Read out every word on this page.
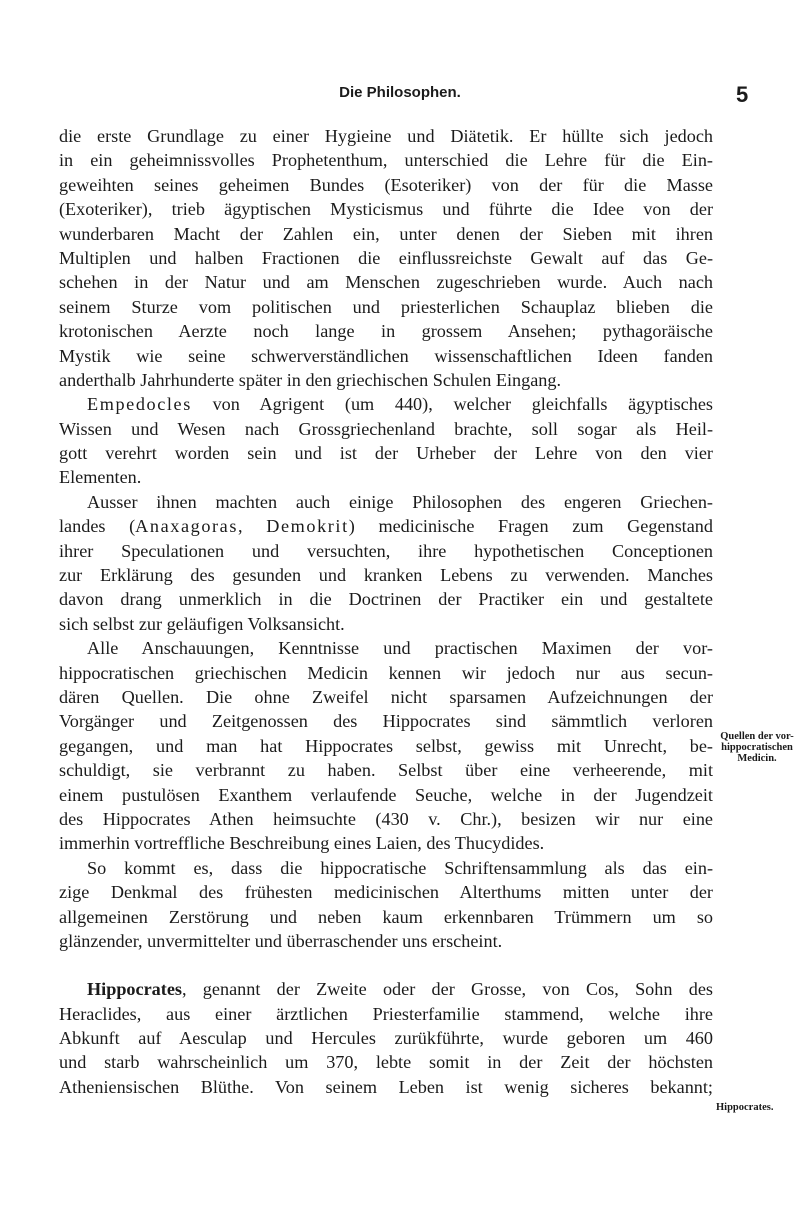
Die Philosophen.	5
die erste Grundlage zu einer Hygieine und Diätetik. Er hüllte sich jedoch
in ein geheimnissvolles Prophetenthum, unterschied die Lehre für die Ein-
geweihten seines geheimen Bundes (Esoteriker) von der für die Masse
(Exoteriker), trieb ägyptischen Mysticismus und führte die Idee von der
wunderbaren Macht der Zahlen ein, unter denen der Sieben mit ihren
Multiplen und halben Fractionen die einflussreichste Gewalt auf das Ge-
schehen in der Natur und am Menschen zugeschrieben wurde. Auch nach
seinem Sturze vom politischen und priesterlichen Schauplaz blieben die
krotonischen Aerzte noch lange in grossem Ansehen; pythagoräische
Mystik wie seine schwerverständlichen wissenschaftlichen Ideen fanden
anderthalb Jahrhunderte später in den griechischen Schulen Eingang.
Empedocles von Agrigent (um 440), welcher gleichfalls ägyptisches
Wissen und Wesen nach Grossgriechenland brachte, soll sogar als Heil-
gott verehrt worden sein und ist der Urheber der Lehre von den vier
Elementen.
Ausser ihnen machten auch einige Philosophen des engeren Griechen-
landes (Anaxagoras, Demokrit) medicinische Fragen zum Gegenstand
ihrer Speculationen und versuchten, ihre hypothetischen Conceptionen
zur Erklärung des gesunden und kranken Lebens zu verwenden. Manches
davon drang unmerklich in die Doctrinen der Practiker ein und gestaltete
sich selbst zur geläufigen Volksansicht.
Alle Anschauungen, Kenntnisse und practischen Maximen der vor-
hippocratischen griechischen Medicin kennen wir jedoch nur aus secun-
dären Quellen. Die ohne Zweifel nicht sparsamen Aufzeichnungen der
Vorgänger und Zeitgenossen des Hippocrates sind sämmtlich verloren
gegangen, und man hat Hippocrates selbst, gewiss mit Unrecht, be-
schuldigt, sie verbrannt zu haben. Selbst über eine verheerende, mit
einem pustulösen Exanthem verlaufende Seuche, welche in der Jugendzeit
des Hippocrates Athen heimsuchte (430 v. Chr.), besizen wir nur eine
immerhin vortreffliche Beschreibung eines Laien, des Thucydides.
So kommt es, dass die hippocratische Schriftensammlung als das ein-
zige Denkmal des frühesten medicinischen Alterthums mitten unter der
allgemeinen Zerstörung und neben kaum erkennbaren Trümmern um so
glänzender, unvermittelter und überraschender uns erscheint.
Hippocrates, genannt der Zweite oder der Grosse, von Cos, Sohn des
Heraclides, aus einer ärztlichen Priesterfamilie stammend, welche ihre
Abkunft auf Aesculap und Hercules zurükführte, wurde geboren um 460
und starb wahrscheinlich um 370, lebte somit in der Zeit der höchsten
Atheniensischen Blüthe. Von seinem Leben ist wenig sicheres bekannt;
Quellen der vor-
hippocratischen
Medicin.
Hippocrates.
